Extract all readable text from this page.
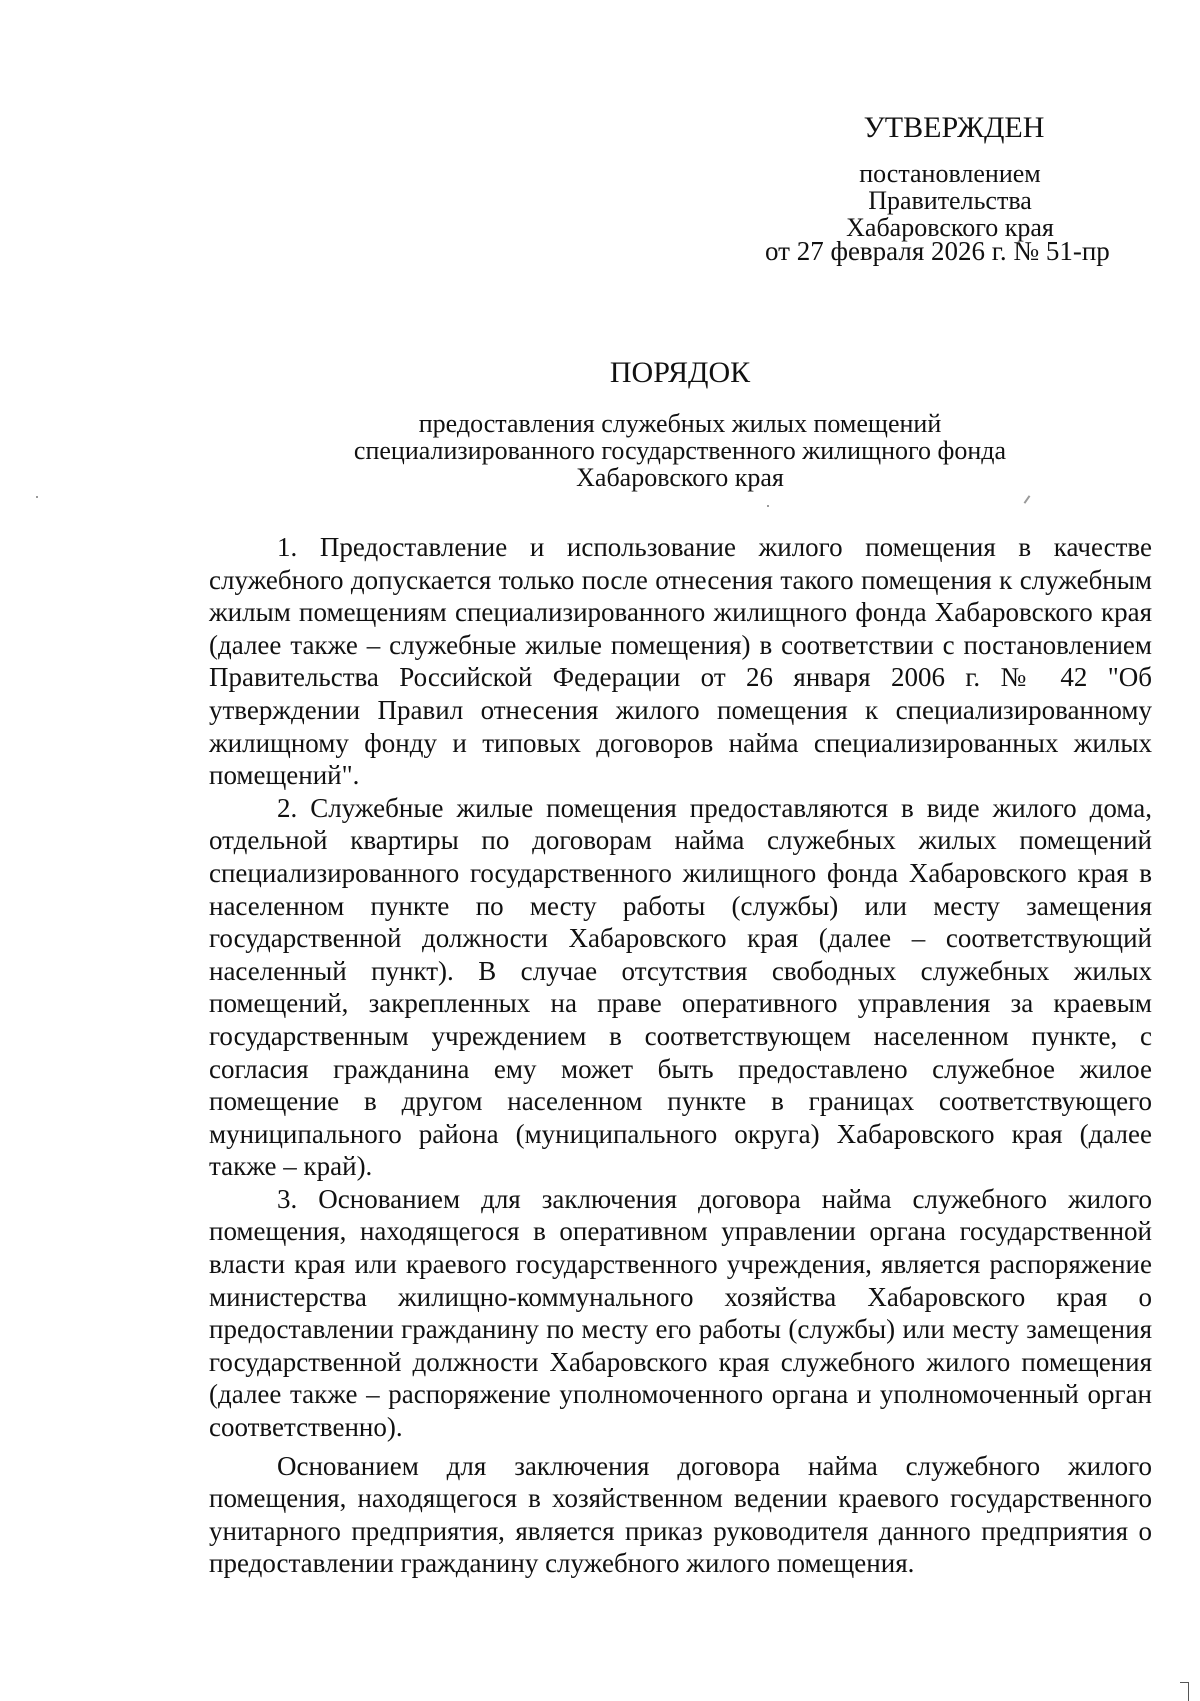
УТВЕРЖДЕН
постановлением
Правительства
Хабаровского края
от 27 февраля 2026 г. № 51-пр
ПОРЯДОК
предоставления служебных жилых помещений
специализированного государственного жилищного фонда
Хабаровского края

1. Предоставление и использование жилого помещения в качестве служебного допускается только после отнесения такого помещения к служебным жилым помещениям специализированного жилищного фонда Хабаровского края (далее также – служебные жилые помещения) в соответствии с постановлением Правительства Российской Федерации от 26 января 2006 г. № 42 "Об утверждении Правил отнесения жилого помещения к специализированному жилищному фонду и типовых договоров найма специализированных жилых помещений".

2. Служебные жилые помещения предоставляются в виде жилого дома, отдельной квартиры по договорам найма служебных жилых помещений специализированного государственного жилищного фонда Хабаровского края в населенном пункте по месту работы (службы) или месту замещения государственной должности Хабаровского края (далее – соответствующий населенный пункт). В случае отсутствия свободных служебных жилых помещений, закрепленных на праве оперативного управления за краевым государственным учреждением в соответствующем населенном пункте, с согласия гражданина ему может быть предоставлено служебное жилое помещение в другом населенном пункте в границах соответствующего муниципального района (муниципального округа) Хабаровского края (далее также – край).

3. Основанием для заключения договора найма служебного жилого помещения, находящегося в оперативном управлении органа государственной власти края или краевого государственного учреждения, является распоряжение министерства жилищно-коммунального хозяйства Хабаровского края о предоставлении гражданину по месту его работы (службы) или месту замещения государственной должности Хабаровского края служебного жилого помещения (далее также – распоряжение уполномоченного органа и уполномоченный орган соответственно).

Основанием для заключения договора найма служебного жилого помещения, находящегося в хозяйственном ведении краевого государственного унитарного предприятия, является приказ руководителя данного предприятия о предоставлении гражданину служебного жилого помещения.
